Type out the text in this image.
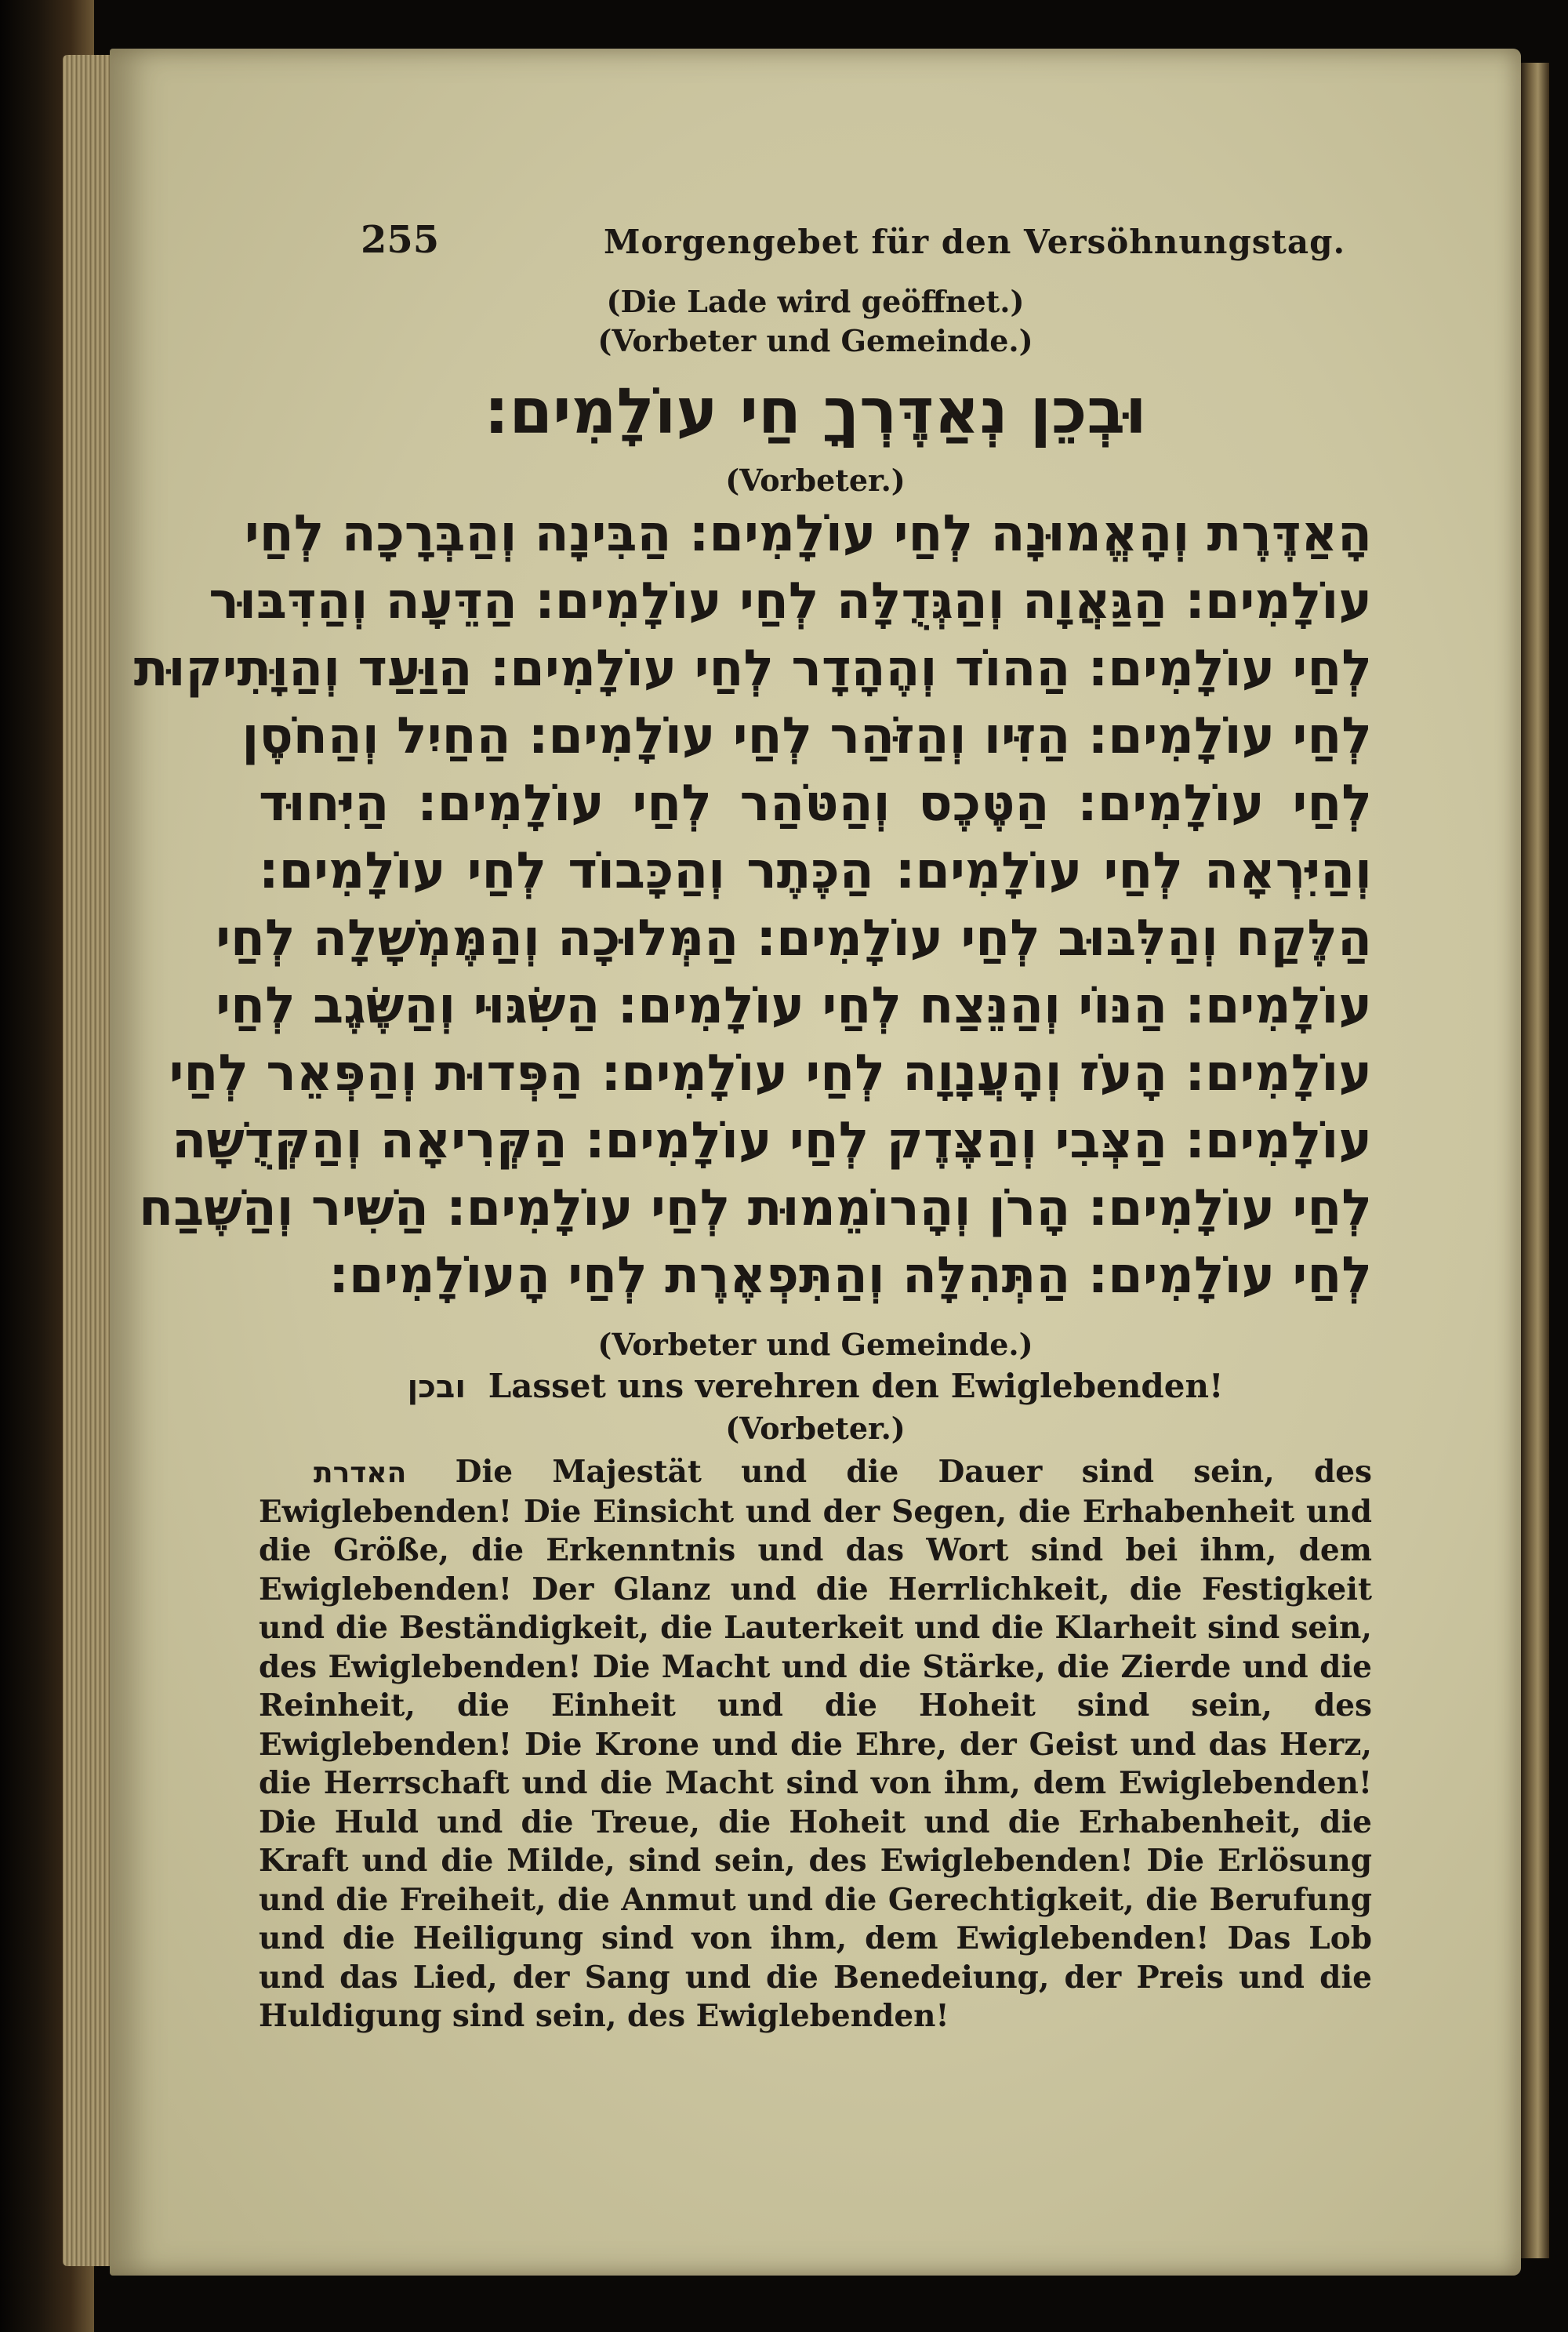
255	Morgengebet für den Versöhnungstag.
(Die Lade wird geöffnet.)
(Vorbeter und Gemeinde.)
וּבְכֵן נְאַדֶּרְךָ חַי עוֹלָמִים:
(Vorbeter.)
הָאַדֶּרֶת וְהָאֱמוּנָה לְחַי עוֹלָמִים: הַבִּינָה וְהַבְּרָכָה לְחַי
עוֹלָמִים: הַגַּאֲוָה וְהַגְּדֻלָּה לְחַי עוֹלָמִים: הַדֵּעָה וְהַדִּבּוּר
לְחַי עוֹלָמִים: הַהוֹד וְהֶהָדָר לְחַי עוֹלָמִים: הַוַּעַד וְהַוָּתִיקוּת
לְחַי עוֹלָמִים: הַזִּיו וְהַזֹּהַר לְחַי עוֹלָמִים: הַחַיִל וְהַחֹסֶן
לְחַי עוֹלָמִים: הַטֶּכֶס וְהַטֹּהַר לְחַי עוֹלָמִים: הַיִּחוּד
וְהַיִּרְאָה לְחַי עוֹלָמִים: הַכֶּתֶר וְהַכָּבוֹד לְחַי עוֹלָמִים:
הַלֶּקַח וְהַלִּבּוּב לְחַי עוֹלָמִים: הַמְּלוּכָה וְהַמֶּמְשָׁלָה לְחַי
עוֹלָמִים: הַנּוֹי וְהַנֵּצַח לְחַי עוֹלָמִים: הַשִּׂגּוּי וְהַשֶּׂגֶב לְחַי
עוֹלָמִים: הָעֹז וְהָעֲנָוָה לְחַי עוֹלָמִים: הַפְּדוּת וְהַפְּאֵר לְחַי
עוֹלָמִים: הַצְּבִי וְהַצֶּדֶק לְחַי עוֹלָמִים: הַקְּרִיאָה וְהַקְּדֻשָּׁה
לְחַי עוֹלָמִים: הָרֹן וְהָרוֹמֵמוּת לְחַי עוֹלָמִים: הַשִּׁיר וְהַשֶּׁבַח
לְחַי עוֹלָמִים: הַתְּהִלָּה וְהַתִּפְאֶרֶת לְחַי הָעוֹלָמִים:
(Vorbeter und Gemeinde.)
ובכן Lasset uns verehren den Ewiglebenden!
(Vorbeter.)
האדרת Die Majestät und die Dauer sind sein, des Ewiglebenden! Die Einsicht und der Segen, die Erhabenheit und die Größe, die Erkenntnis und das Wort sind bei ihm, dem Ewiglebenden! Der Glanz und die Herrlichkeit, die Festigkeit und die Beständigkeit, die Lauterkeit und die Klarheit sind sein, des Ewiglebenden! Die Macht und die Stärke, die Zierde und die Reinheit, die Einheit und die Hoheit sind sein, des Ewiglebenden! Die Krone und die Ehre, der Geist und das Herz, die Herrschaft und die Macht sind von ihm, dem Ewiglebenden! Die Huld und die Treue, die Hoheit und die Erhabenheit, die Kraft und die Milde, sind sein, des Ewiglebenden! Die Erlösung und die Freiheit, die Anmut und die Gerechtigkeit, die Berufung und die Heiligung sind von ihm, dem Ewiglebenden! Das Lob und das Lied, der Sang und die Benedeiung, der Preis und die Huldigung sind sein, des Ewiglebenden!
